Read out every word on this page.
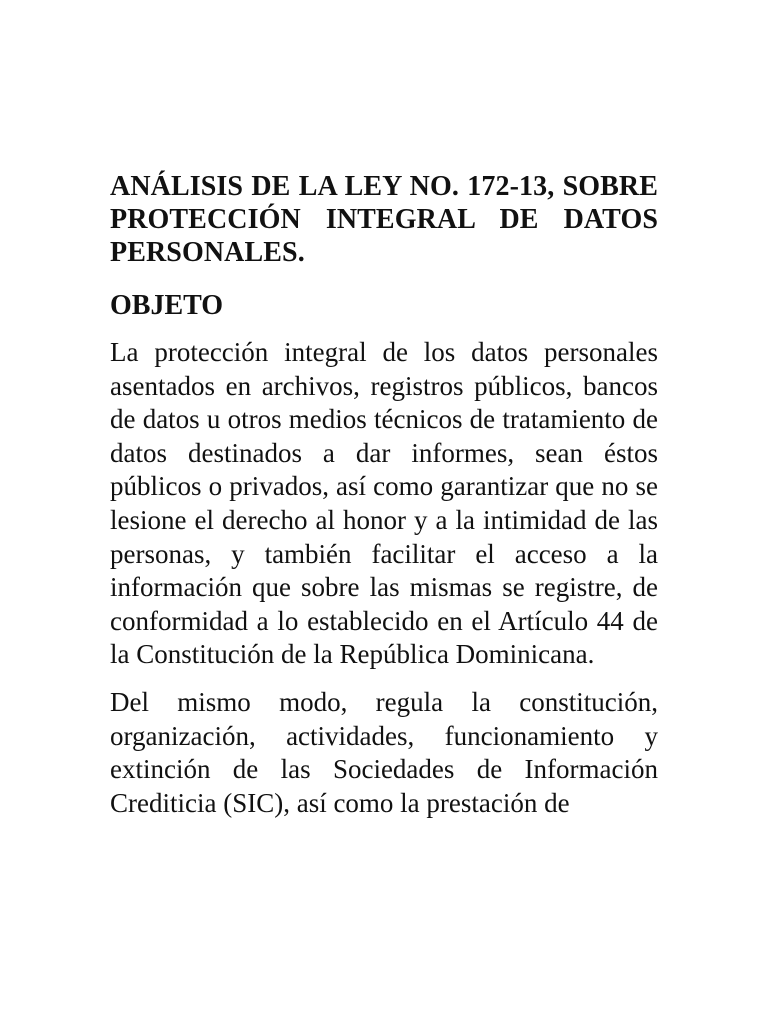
ANÁLISIS DE LA LEY NO. 172-13, SOBRE PROTECCIÓN INTEGRAL DE DATOS PERSONALES.
OBJETO

La protección integral de los datos personales asentados en archivos, registros públicos, bancos de datos u otros medios técnicos de tratamiento de datos destinados a dar informes, sean éstos públicos o privados, así como garantizar que no se lesione el derecho al honor y a la intimidad de las personas, y también facilitar el acceso a la información que sobre las mismas se registre, de conformidad a lo establecido en el Artículo 44 de la Constitución de la República Dominicana.

Del mismo modo, regula la constitución, organización, actividades, funcionamiento y extinción de las Sociedades de Información Crediticia (SIC), así como la prestación de
